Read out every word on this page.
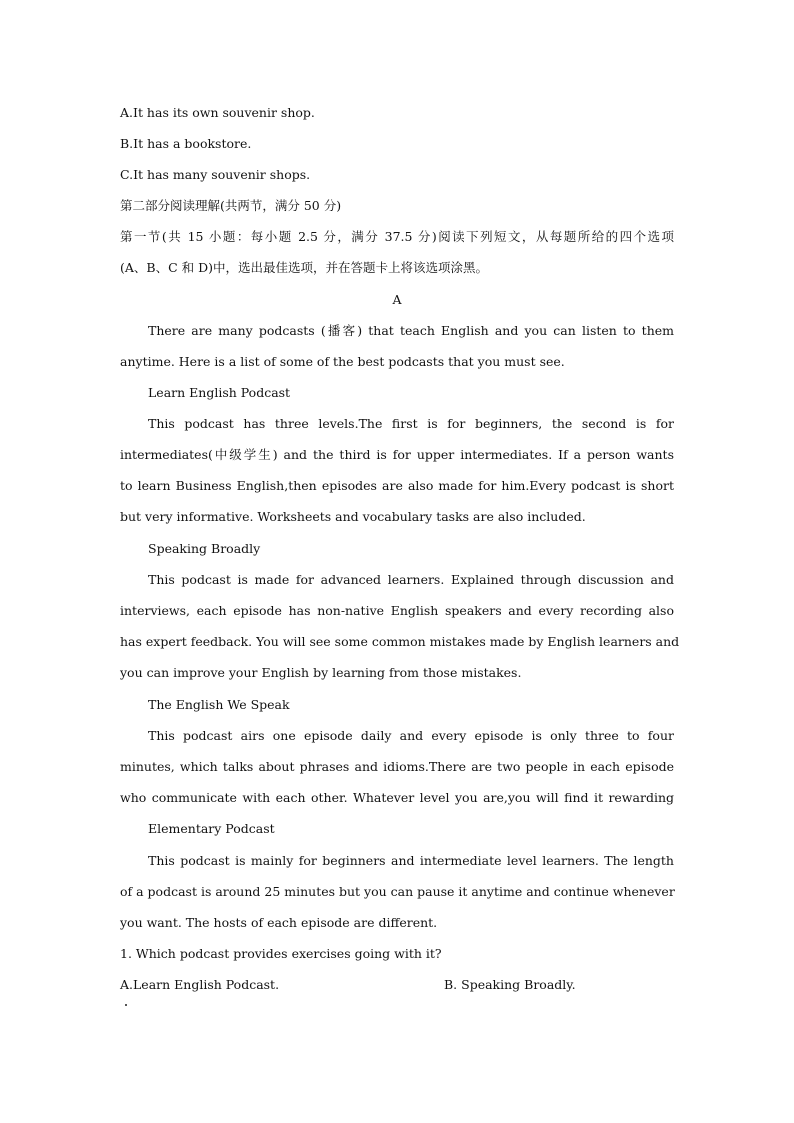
A.It has its own souvenir shop.
B.It has a bookstore.
C.It has many souvenir shops.
第二部分阅读理解(共两节，满分 50 分)
第一节(共 15 小题：每小题 2.5 分，满分 37.5 分)阅读下列短文，从每题所给的四个选项
(A、B、C 和 D)中，选出最佳选项，并在答题卡上将该选项涂黑。
A
There are many podcasts (播客) that teach English and you can listen to them
anytime. Here is a list of some of the best podcasts that you must see.
Learn English Podcast
This podcast has three levels.The first is for beginners, the second is for
intermediates(中级学生) and the third is for upper intermediates. If a person wants
to learn Business English,then episodes are also made for him.Every podcast is short
but very informative. Worksheets and vocabulary tasks are also included.
Speaking Broadly
This podcast is made for advanced learners. Explained through discussion and
interviews, each episode has non-native English speakers and every recording also
has expert feedback. You will see some common mistakes made by English learners and
you can improve your English by learning from those mistakes.
The English We Speak
This podcast airs one episode daily and every episode is only three to four
minutes, which talks about phrases and idioms.There are two people in each episode
who communicate with each other. Whatever level you are,you will find it rewarding
Elementary Podcast
This podcast is mainly for beginners and intermediate level learners. The length
of a podcast is around 25 minutes but you can pause it anytime and continue whenever
you want. The hosts of each episode are different.
1. Which podcast provides exercises going with it?
A.Learn English Podcast.	B. Speaking Broadly.
